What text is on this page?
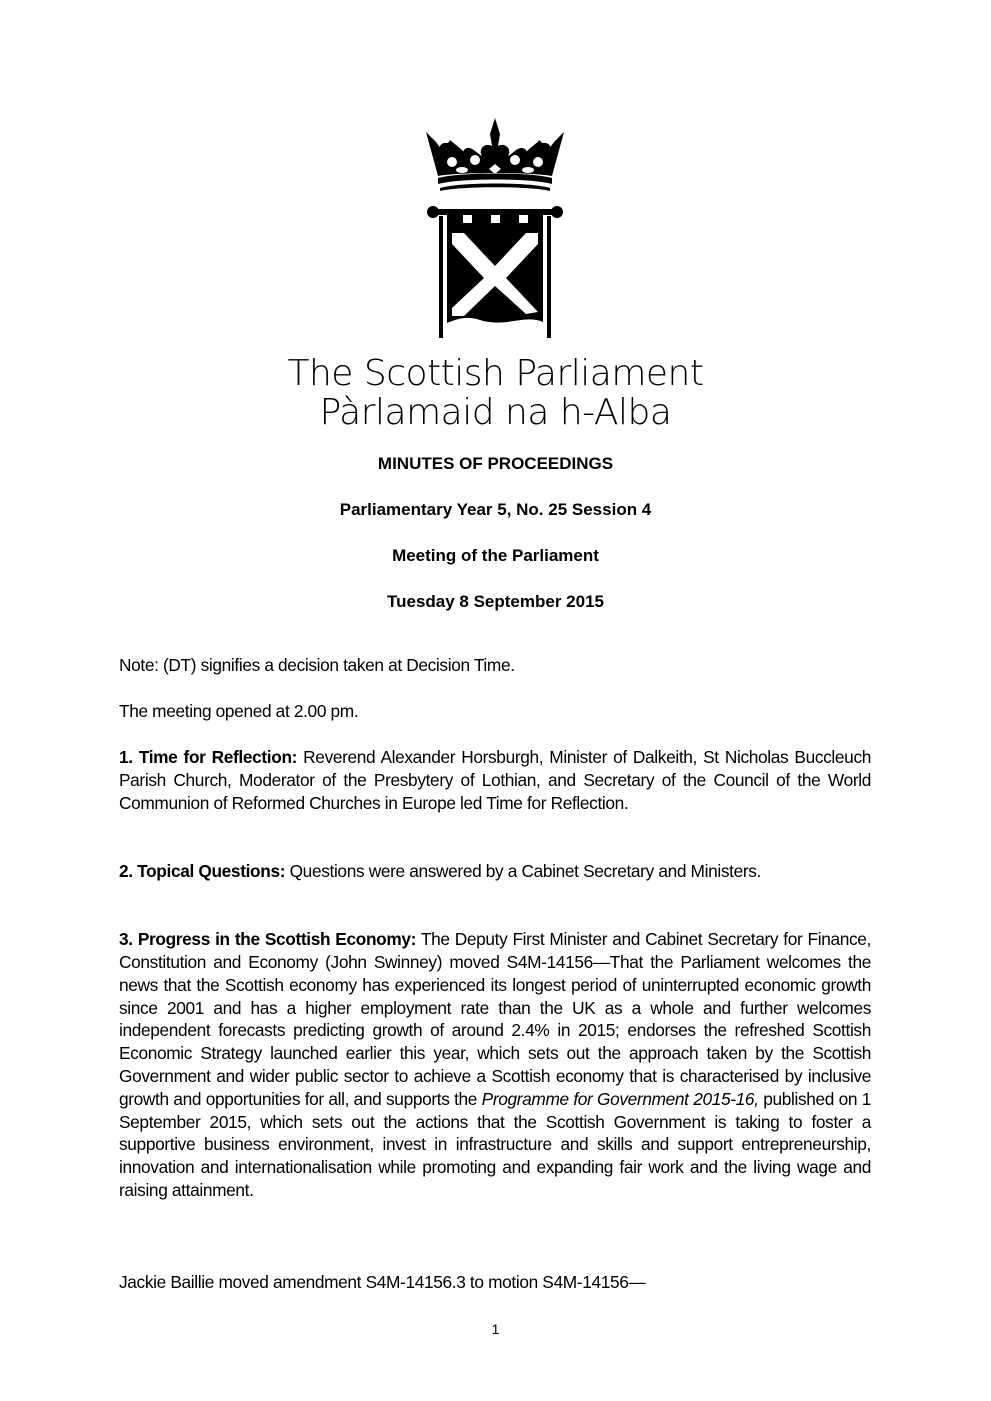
The Scottish Parliament
Pàrlamaid na h-Alba
MINUTES OF PROCEEDINGS
Parliamentary Year 5, No. 25 Session 4
Meeting of the Parliament
Tuesday 8 September 2015

Note: (DT) signifies a decision taken at Decision Time.

The meeting opened at 2.00 pm.

1. Time for Reflection: Reverend Alexander Horsburgh, Minister of Dalkeith, St Nicholas Buccleuch Parish Church, Moderator of the Presbytery of Lothian, and Secretary of the Council of the World Communion of Reformed Churches in Europe led Time for Reflection.

2. Topical Questions: Questions were answered by a Cabinet Secretary and Ministers.

3. Progress in the Scottish Economy: The Deputy First Minister and Cabinet Secretary for Finance, Constitution and Economy (John Swinney) moved S4M-14156—That the Parliament welcomes the news that the Scottish economy has experienced its longest period of uninterrupted economic growth since 2001 and has a higher employment rate than the UK as a whole and further welcomes independent forecasts predicting growth of around 2.4% in 2015; endorses the refreshed Scottish Economic Strategy launched earlier this year, which sets out the approach taken by the Scottish Government and wider public sector to achieve a Scottish economy that is characterised by inclusive growth and opportunities for all, and supports the Programme for Government 2015-16, published on 1 September 2015, which sets out the actions that the Scottish Government is taking to foster a supportive business environment, invest in infrastructure and skills and support entrepreneurship, innovation and internationalisation while promoting and expanding fair work and the living wage and raising attainment.

Jackie Baillie moved amendment S4M-14156.3 to motion S4M-14156—

1
